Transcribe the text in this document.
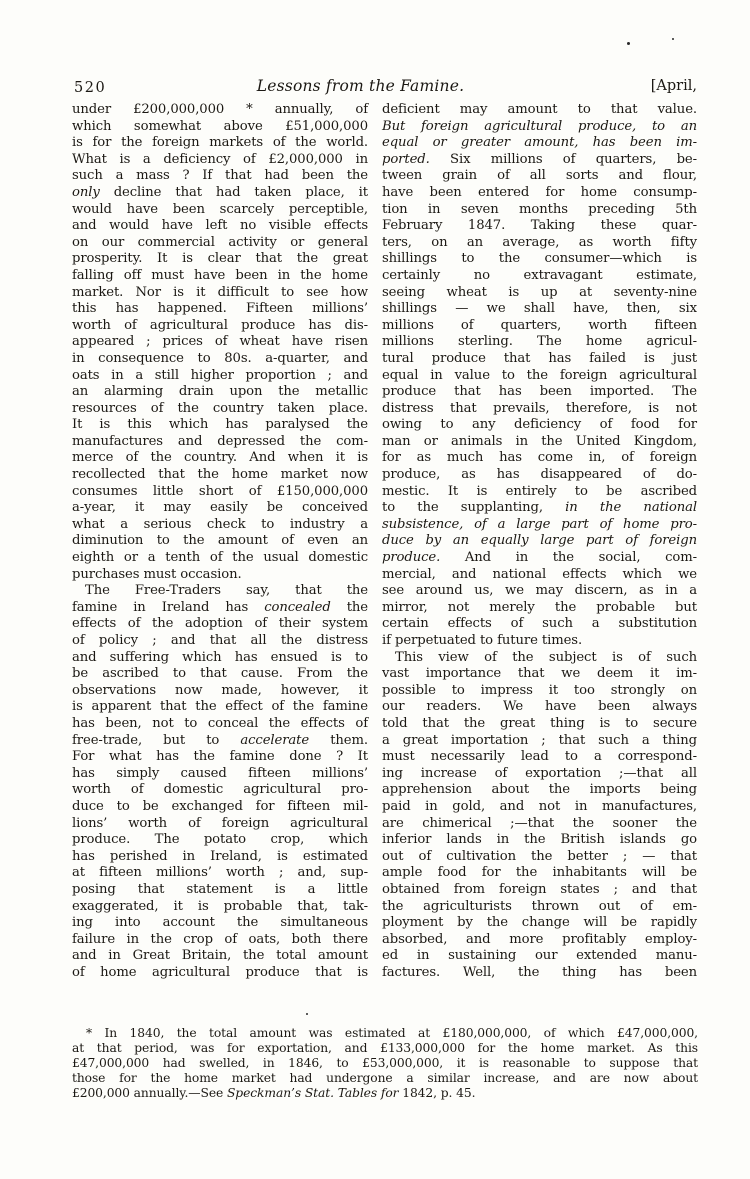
520	Lessons from the Famine.	[April,
under £200,000,000 * annually, of
which somewhat above £51,000,000
is for the foreign markets of the world.
What is a deficiency of £2,000,000 in
such a mass ? If that had been the
only decline that had taken place, it
would have been scarcely perceptible,
and would have left no visible effects
on our commercial activity or general
prosperity. It is clear that the great
falling off must have been in the home
market. Nor is it difficult to see how
this has happened. Fifteen millions’
worth of agricultural produce has dis-
appeared ; prices of wheat have risen
in consequence to 80s. a-quarter, and
oats in a still higher proportion ; and
an alarming drain upon the metallic
resources of the country taken place.
It is this which has paralysed the
manufactures and depressed the com-
merce of the country. And when it is
recollected that the home market now
consumes little short of £150,000,000
a-year, it may easily be conceived
what a serious check to industry a
diminution to the amount of even an
eighth or a tenth of the usual domestic
purchases must occasion.
The Free-Traders say, that the
famine in Ireland has concealed the
effects of the adoption of their system
of policy ; and that all the distress
and suffering which has ensued is to
be ascribed to that cause. From the
observations now made, however, it
is apparent that the effect of the famine
has been, not to conceal the effects of
free-trade, but to accelerate them.
For what has the famine done ? It
has simply caused fifteen millions’
worth of domestic agricultural pro-
duce to be exchanged for fifteen mil-
lions’ worth of foreign agricultural
produce. The potato crop, which
has perished in Ireland, is estimated
at fifteen millions’ worth ; and, sup-
posing that statement is a little
exaggerated, it is probable that, tak-
ing into account the simultaneous
failure in the crop of oats, both there
and in Great Britain, the total amount
of home agricultural produce that is
deficient may amount to that value.
But foreign agricultural produce, to an
equal or greater amount, has been im-
ported. Six millions of quarters, be-
tween grain of all sorts and flour,
have been entered for home consump-
tion in seven months preceding 5th
February 1847. Taking these quar-
ters, on an average, as worth fifty
shillings to the consumer—which is
certainly no extravagant estimate,
seeing wheat is up at seventy-nine
shillings — we shall have, then, six
millions of quarters, worth fifteen
millions sterling. The home agricul-
tural produce that has failed is just
equal in value to the foreign agricultural
produce that has been imported. The
distress that prevails, therefore, is not
owing to any deficiency of food for
man or animals in the United Kingdom,
for as much has come in, of foreign
produce, as has disappeared of do-
mestic. It is entirely to be ascribed
to the supplanting, in the national
subsistence, of a large part of home pro-
duce by an equally large part of foreign
produce. And in the social, com-
mercial, and national effects which we
see around us, we may discern, as in a
mirror, not merely the probable but
certain effects of such a substitution
if perpetuated to future times.
This view of the subject is of such
vast importance that we deem it im-
possible to impress it too strongly on
our readers. We have been always
told that the great thing is to secure
a great importation ; that such a thing
must necessarily lead to a correspond-
ing increase of exportation ;—that all
apprehension about the imports being
paid in gold, and not in manufactures,
are chimerical ;—that the sooner the
inferior lands in the British islands go
out of cultivation the better ; — that
ample food for the inhabitants will be
obtained from foreign states ; and that
the agriculturists thrown out of em-
ployment by the change will be rapidly
absorbed, and more profitably employ-
ed in sustaining our extended manu-
factures. Well, the thing has been
* In 1840, the total amount was estimated at £180,000,000, of which £47,000,000,
at that period, was for exportation, and £133,000,000 for the home market. As this
£47,000,000 had swelled, in 1846, to £53,000,000, it is reasonable to suppose that
those for the home market had undergone a similar increase, and are now about
£200,000 annually.—See Speckman’s Stat. Tables for 1842, p. 45.
